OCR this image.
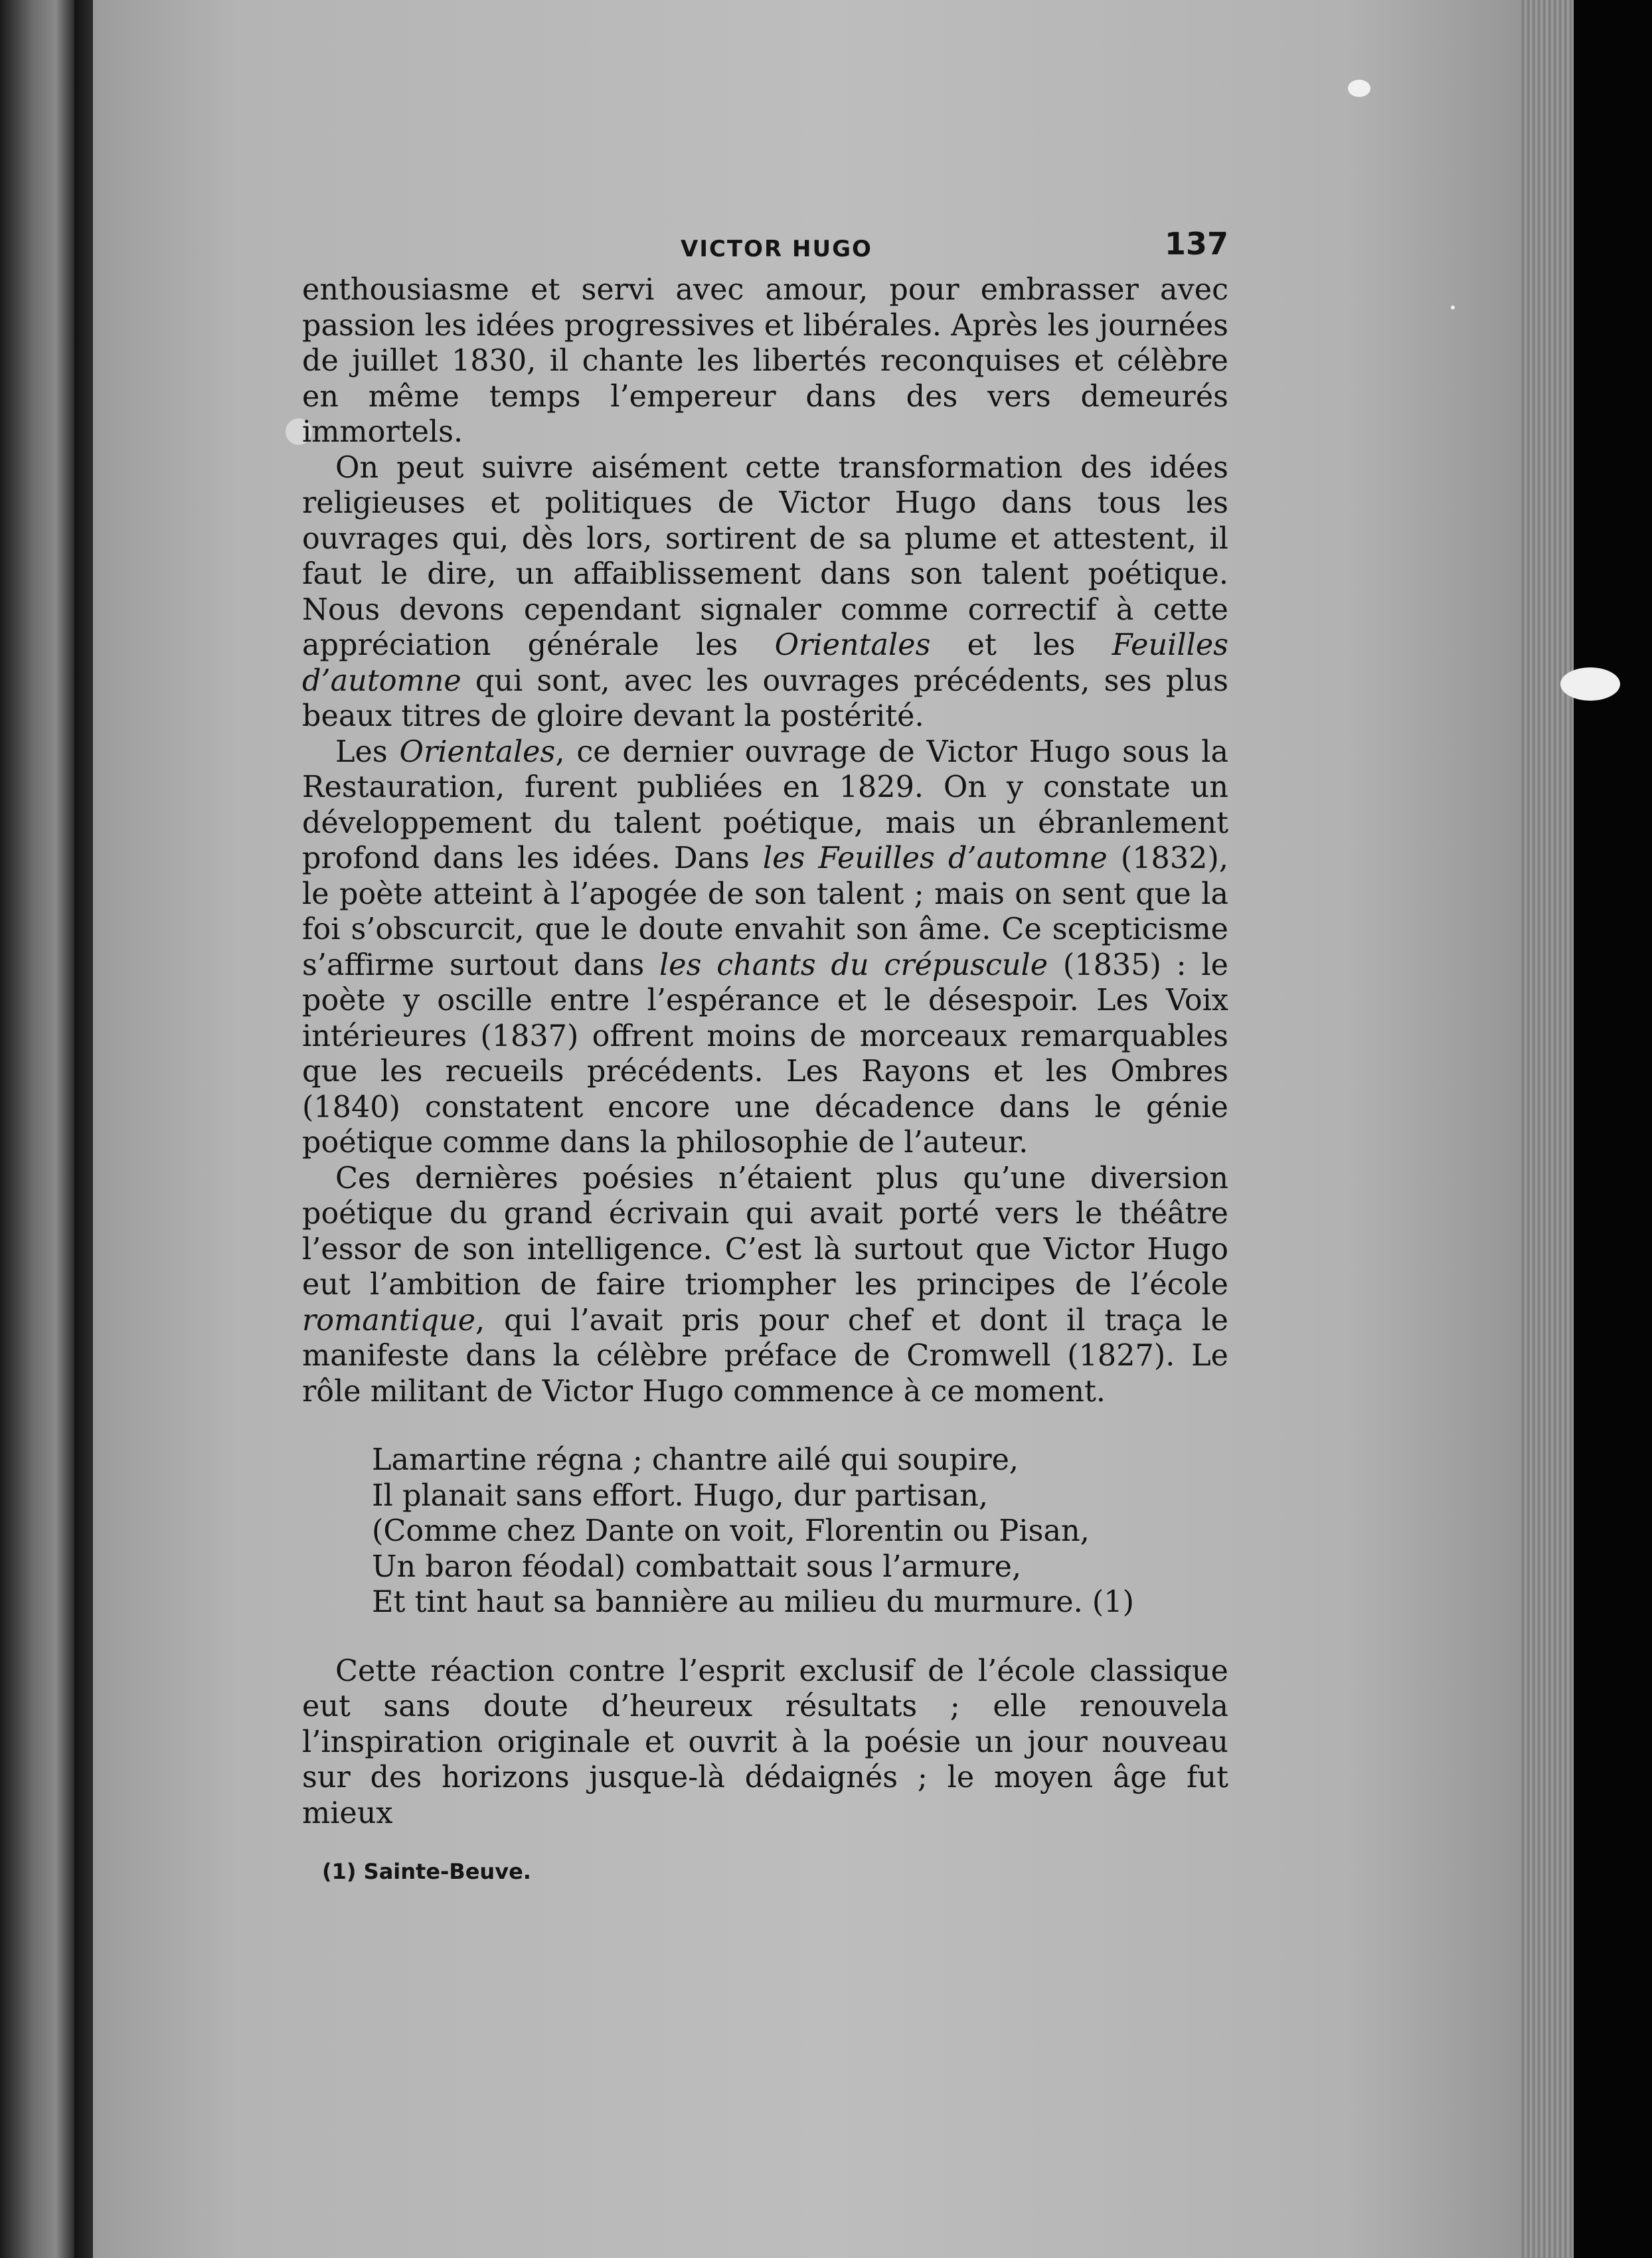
VICTOR HUGO	137

enthousiasme et servi avec amour, pour embrasser avec passion les idées progressives et libérales. Après les journées de juillet 1830, il chante les libertés reconquises et célèbre en même temps l’empereur dans des vers demeurés immortels.

On peut suivre aisément cette transformation des idées religieuses et politiques de Victor Hugo dans tous les ouvrages qui, dès lors, sortirent de sa plume et attestent, il faut le dire, un affaiblissement dans son talent poétique. Nous devons cependant signaler comme correctif à cette appréciation générale les Orientales et les Feuilles d’automne qui sont, avec les ouvrages précédents, ses plus beaux titres de gloire devant la postérité.

Les Orientales, ce dernier ouvrage de Victor Hugo sous la Restauration, furent publiées en 1829. On y constate un développement du talent poétique, mais un ébranlement profond dans les idées. Dans les Feuilles d’automne (1832), le poète atteint à l’apogée de son talent ; mais on sent que la foi s’obscurcit, que le doute envahit son âme. Ce scepticisme s’affirme surtout dans les chants du crépuscule (1835) : le poète y oscille entre l’espérance et le désespoir. Les Voix intérieures (1837) offrent moins de morceaux remarquables que les recueils précédents. Les Rayons et les Ombres (1840) constatent encore une décadence dans le génie poétique comme dans la philosophie de l’auteur.

Ces dernières poésies n’étaient plus qu’une diversion poétique du grand écrivain qui avait porté vers le théâtre l’essor de son intelligence. C’est là surtout que Victor Hugo eut l’ambition de faire triompher les principes de l’école romantique, qui l’avait pris pour chef et dont il traça le manifeste dans la célèbre préface de Cromwell (1827). Le rôle militant de Victor Hugo commence à ce moment.

Lamartine régna ; chantre ailé qui soupire,
Il planait sans effort. Hugo, dur partisan,
(Comme chez Dante on voit, Florentin ou Pisan,
Un baron féodal) combattait sous l’armure,
Et tint haut sa bannière au milieu du murmure. (1)

Cette réaction contre l’esprit exclusif de l’école classique eut sans doute d’heureux résultats ; elle renouvela l’inspiration originale et ouvrit à la poésie un jour nouveau sur des horizons jusque-là dédaignés ; le moyen âge fut mieux

(1) Sainte-Beuve.
